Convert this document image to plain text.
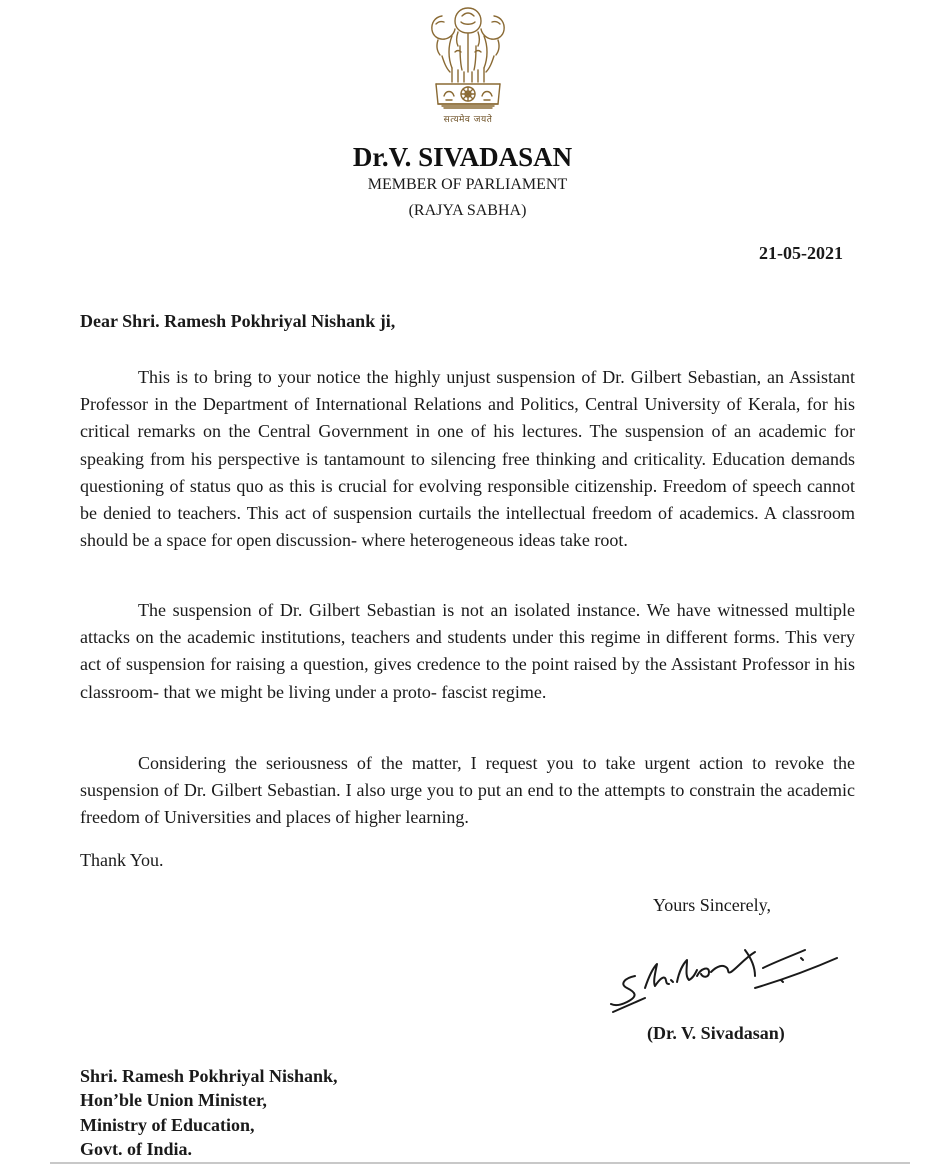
सत्यमेव जयते
Dr.V. SIVADASAN
MEMBER OF PARLIAMENT
(RAJYA SABHA)
21-05-2021
Dear Shri. Ramesh Pokhriyal Nishank ji,

This is to bring to your notice the highly unjust suspension of Dr. Gilbert Sebastian, an Assistant Professor in the Department of International Relations and Politics, Central University of Kerala, for his critical remarks on the Central Government in one of his lectures. The suspension of an academic for speaking from his perspective is tantamount to silencing free thinking and criticality. Education demands questioning of status quo as this is crucial for evolving responsible citizenship. Freedom of speech cannot be denied to teachers. This act of suspension curtails the intellectual freedom of academics. A classroom should be a space for open discussion- where heterogeneous ideas take root.

The suspension of Dr. Gilbert Sebastian is not an isolated instance. We have witnessed multiple attacks on the academic institutions, teachers and students under this regime in different forms. This very act of suspension for raising a question, gives credence to the point raised by the Assistant Professor in his classroom- that we might be living under a proto- fascist regime.

Considering the seriousness of the matter, I request you to take urgent action to revoke the suspension of Dr. Gilbert Sebastian. I also urge you to put an end to the attempts to constrain the academic freedom of Universities and places of higher learning.

Thank You.
Yours Sincerely,
(Dr. V. Sivadasan)
Shri. Ramesh Pokhriyal Nishank,
Hon’ble Union Minister,
Ministry of Education,
Govt. of India.
